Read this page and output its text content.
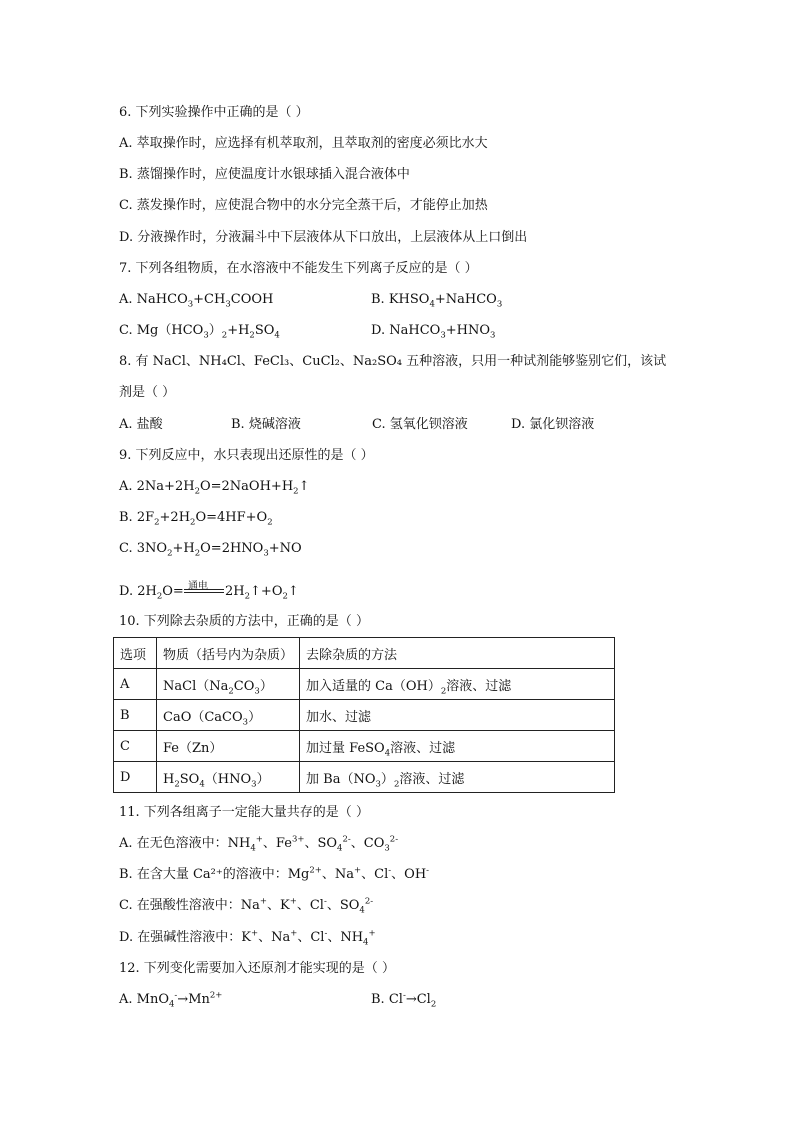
6. 下列实验操作中正确的是（ ）
A. 萃取操作时，应选择有机萃取剂，且萃取剂的密度必须比水大
B. 蒸馏操作时，应使温度计水银球插入混合液体中
C. 蒸发操作时，应使混合物中的水分完全蒸干后，才能停止加热
D. 分液操作时，分液漏斗中下层液体从下口放出，上层液体从上口倒出
7. 下列各组物质，在水溶液中不能发生下列离子反应的是（ ）
A. $NaHCO_3+CH_3COOH$	B. $KHSO_4+NaHCO_3$
C. $Mg(HCO_3)_2+H_2SO_4$	D. $NaHCO_3+HNO_3$
8. 有 NaCl、NH₄Cl、FeCl₃、CuCl₂、Na₂SO₄ 五种溶液，只用一种试剂能够鉴别它们，该试
剂是（ ）
A. 盐酸	B. 烧碱溶液	C. 氢氧化钡溶液	D. 氯化钡溶液
9. 下列反应中，水只表现出还原性的是（ ）
A. $2Na+2H_2O=2NaOH+H_2↑$
B. $2F_2+2H_2O=4HF+O_2$
C. $3NO_2+H_2O=2HNO_3+NO$
D. $2H_2O=$ 通电 $2H_2↑+O_2↑$
10. 下列除去杂质的方法中，正确的是（ ）
选项	物质（括号内为杂质）	去除杂质的方法
A	$NaCl(Na_2CO_3)$	加入适量的 $Ca(OH)_2$溶液、过滤
B	CaO（CaCO$_3$）	加水、过滤
C	Fe（Zn）	加过量 FeSO$_4$溶液、过滤
D	$H_2SO_4(HNO_3)$	加 $Ba(NO_3)_2$溶液、过滤
11. 下列各组离子一定能大量共存的是（ ）
A. 在无色溶液中：$NH_4^+$、$Fe^{3+}$、$SO_4^{2-}$、$CO_3^{2-}$
B. 在含大量 Ca²⁺的溶液中：$Mg^{2+}$、Na+、Cl-、OH-
C. 在强酸性溶液中：Na+、K+、Cl-、$SO_4^{2-}$
D. 在强碱性溶液中：K+、Na+、Cl-、$NH_4^+$
12. 下列变化需要加入还原剂才能实现的是（ ）
A. $MnO_4^-\to Mn^{2+}$	B. $Cl^-\to Cl_2$
